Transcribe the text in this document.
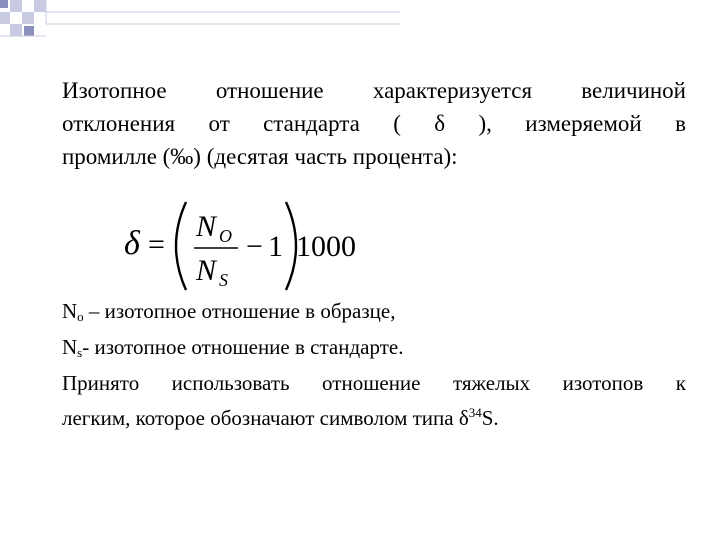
Изотопное отношение характеризуется величиной
отклонения от стандарта ( δ ), измеряемой в
промилле (‰) (десятая часть процента):

δ =
N O
N S
− 1 1000

$N_o$ – изотопное отношение в образце,
$N_s-$ изотопное отношение в стандарте.
Принято использовать отношение тяжелых изотопов к
легким, которое обозначают символом типа $\delta^{34}S$.
